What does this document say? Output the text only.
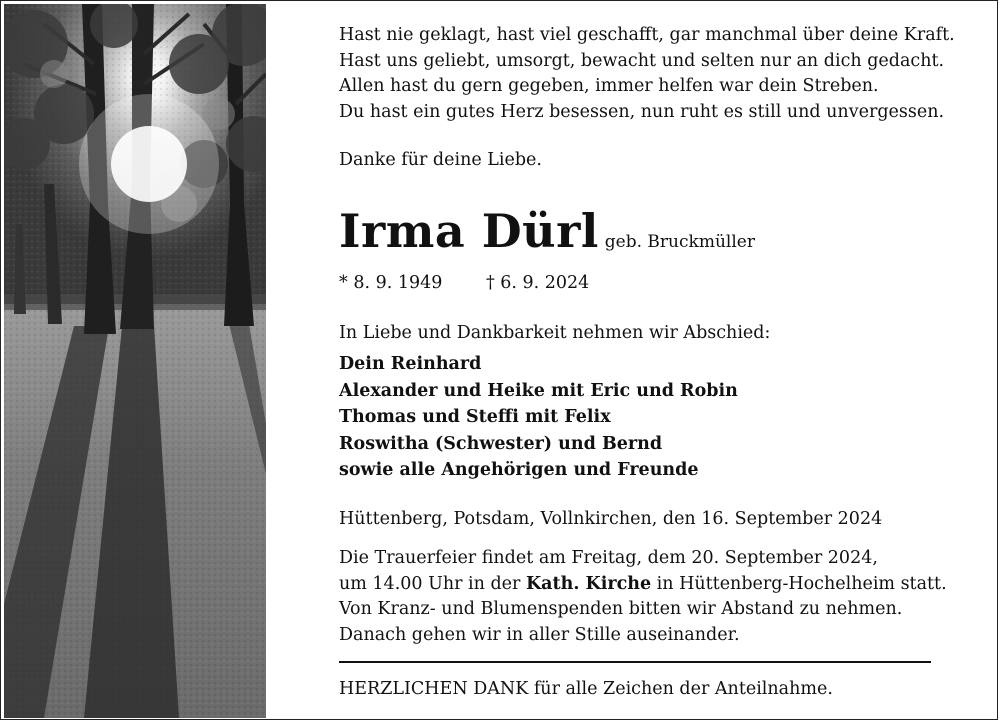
Hast nie geklagt, hast viel geschafft, gar manchmal über deine Kraft.
Hast uns geliebt, umsorgt, bewacht und selten nur an dich gedacht.
Allen hast du gern gegeben, immer helfen war dein Streben.
Du hast ein gutes Herz besessen, nun ruht es still und unvergessen.
Danke für deine Liebe.
Irma Dürl geb. Bruckmüller
* 8. 9. 1949 † 6. 9. 2024
In Liebe und Dankbarkeit nehmen wir Abschied:
Dein Reinhard
Alexander und Heike mit Eric und Robin
Thomas und Steffi mit Felix
Roswitha (Schwester) und Bernd
sowie alle Angehörigen und Freunde
Hüttenberg, Potsdam, Vollnkirchen, den 16. September 2024
Die Trauerfeier findet am Freitag, dem 20. September 2024,
um 14.00 Uhr in der Kath. Kirche in Hüttenberg-Hochelheim statt.
Von Kranz- und Blumenspenden bitten wir Abstand zu nehmen.
Danach gehen wir in aller Stille auseinander.
HERZLICHEN DANK für alle Zeichen der Anteilnahme.
